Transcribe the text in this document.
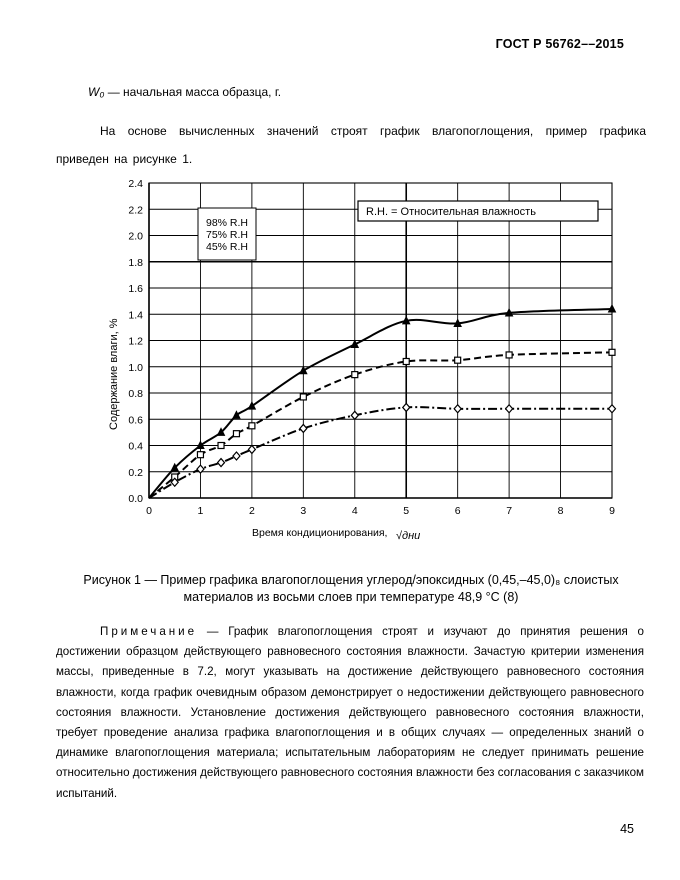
ГОСТ Р 56762––2015
W₀ — начальная масса образца, г.
На основе вычисленных значений строят график влагопоглощения, пример графика приведен на рисунке 1.
0.0
0.2
0.4
0.6
0.8
1.0
1.2
1.4
1.6
1.8
2.0
2.2
2.4
0	1	2	3	4	5	6	7	8	9
98% R.H
75% R.H
45% R.H
R.H. = Относительная влажность
Содержание влаги, %
Время кондиционирования, √дни
Рисунок 1 — Пример графика влагопоглощения углерод/эпоксидных (0,45,–45,0)₈ слоистых материалов из восьми слоев при температуре 48,9 °С (8)
Примечание — График влагопоглощения строят и изучают до принятия решения о достижении образцом действующего равновесного состояния влажности. Зачастую критерии изменения массы, приведенные в 7.2, могут указывать на достижение действующего равновесного состояния влажности, когда график очевидным образом демонстрирует о недостижении действующего равновесного состояния влажности. Установление достижения действующего равновесного состояния влажности, требует проведение анализа графика влагопоглощения и в общих случаях — определенных знаний о динамике влагопоглощения материала; испытательным лабораториям не следует принимать решение относительно достижения действующего равновесного состояния влажности без согласования с заказчиком испытаний.
45
